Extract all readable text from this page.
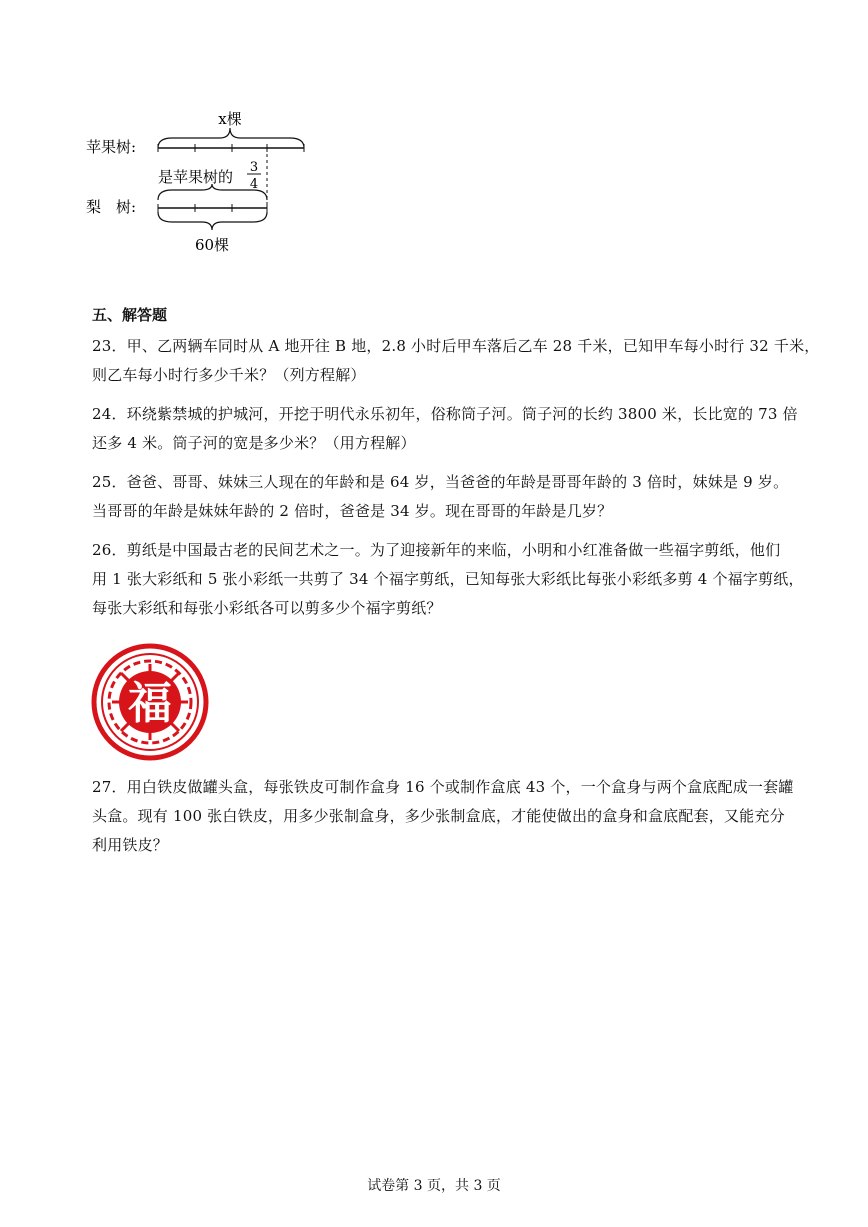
苹果树:
x棵
是苹果树的
3
4
梨　树:
60棵
五、解答题
23．甲、乙两辆车同时从 A 地开往 B 地，2.8 小时后甲车落后乙车 28 千米，已知甲车每小时行 32 千米，
则乙车每小时行多少千米？（列方程解）
24．环绕紫禁城的护城河，开挖于明代永乐初年，俗称筒子河。筒子河的长约 3800 米，长比宽的 73 倍
还多 4 米。筒子河的宽是多少米？（用方程解）
25．爸爸、哥哥、妹妹三人现在的年龄和是 64 岁，当爸爸的年龄是哥哥年龄的 3 倍时，妹妹是 9 岁。
当哥哥的年龄是妹妹年龄的 2 倍时，爸爸是 34 岁。现在哥哥的年龄是几岁？
26．剪纸是中国最古老的民间艺术之一。为了迎接新年的来临，小明和小红准备做一些福字剪纸，他们
用 1 张大彩纸和 5 张小彩纸一共剪了 34 个福字剪纸，已知每张大彩纸比每张小彩纸多剪 4 个福字剪纸，
每张大彩纸和每张小彩纸各可以剪多少个福字剪纸？
福
27．用白铁皮做罐头盒，每张铁皮可制作盒身 16 个或制作盒底 43 个，一个盒身与两个盒底配成一套罐
头盒。现有 100 张白铁皮，用多少张制盒身，多少张制盒底，才能使做出的盒身和盒底配套，又能充分
利用铁皮？
试卷第 3 页，共 3 页
